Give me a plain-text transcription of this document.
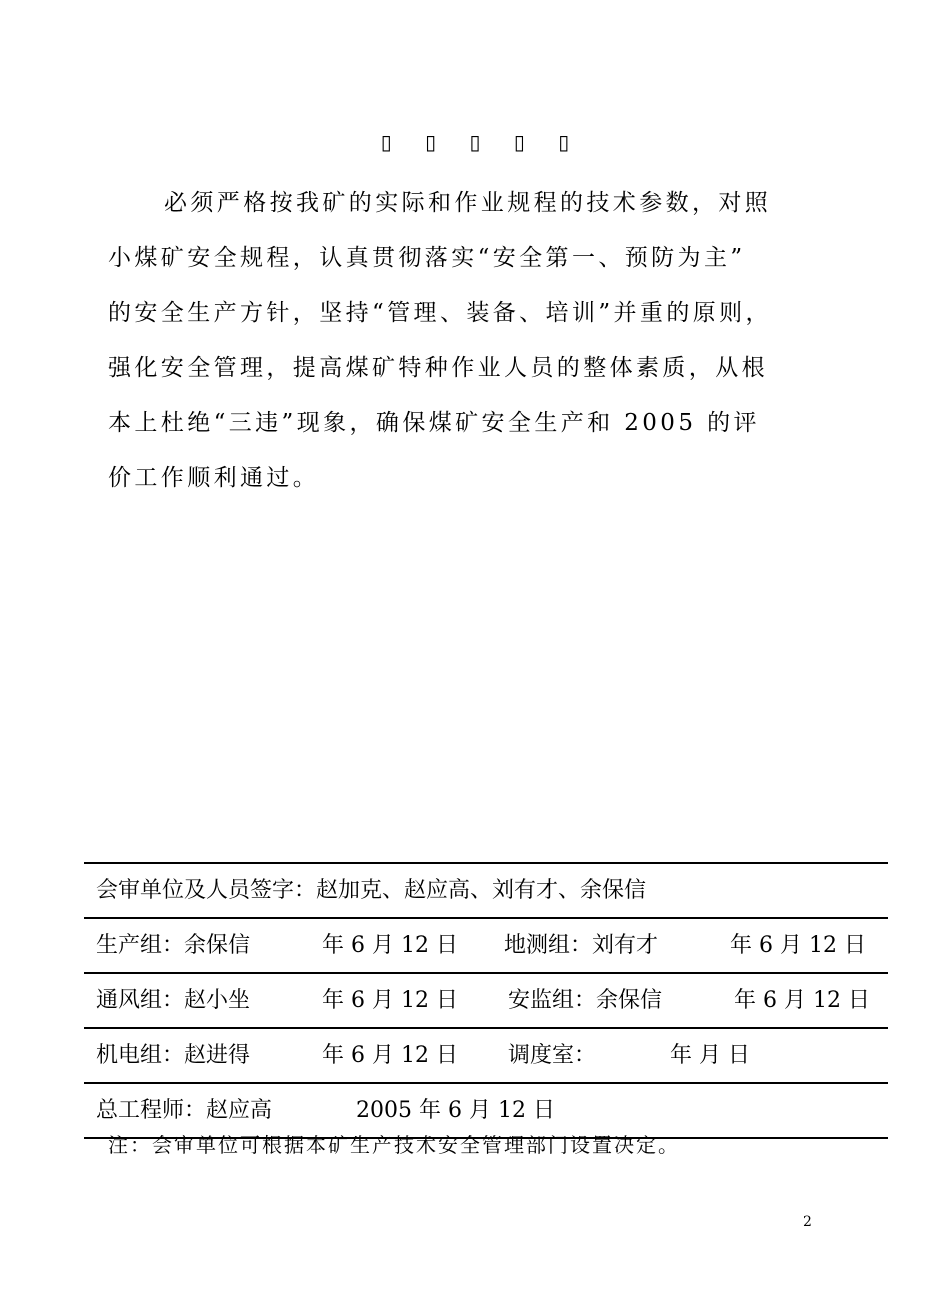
▯ ▯ ▯ ▯ ▯
必须严格按我矿的实际和作业规程的技术参数，对照
小煤矿安全规程，认真贯彻落实“安全第一、预防为主”
的安全生产方针，坚持“管理、装备、培训”并重的原则，
强化安全管理，提高煤矿特种作业人员的整体素质，从根
本上杜绝“三违”现象，确保煤矿安全生产和 2005 的评
价工作顺利通过。
会审单位及人员签字：赵加克、赵应高、刘有才、余保信
生产组：余保信	年 6 月 12 日 地测组：刘有才	年 6 月 12 日
通风组：赵小坐	年 6 月 12 日 安监组：余保信	年 6 月 12 日
机电组：赵进得	年 6 月 12 日 调度室：	年 月 日
总工程师：赵应高	2005 年 6 月 12 日
注：会审单位可根据本矿生产技术安全管理部门设置决定。
2
